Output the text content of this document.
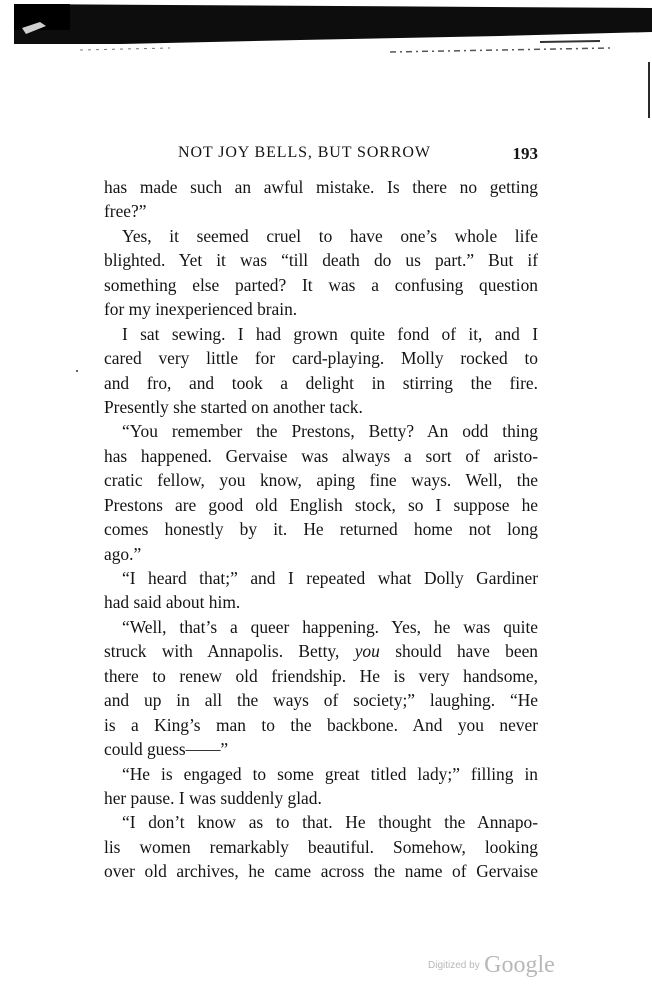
NOT JOY BELLS, BUT SORROW	193
has made such an awful mistake. Is there no getting
free?”
Yes, it seemed cruel to have one’s whole life
blighted. Yet it was “till death do us part.” But if
something else parted? It was a confusing question
for my inexperienced brain.
I sat sewing. I had grown quite fond of it, and I
cared very little for card-playing. Molly rocked to
and fro, and took a delight in stirring the fire.
Presently she started on another tack.
“You remember the Prestons, Betty? An odd thing
has happened. Gervaise was always a sort of aristo-
cratic fellow, you know, aping fine ways. Well, the
Prestons are good old English stock, so I suppose he
comes honestly by it. He returned home not long
ago.”
“I heard that;” and I repeated what Dolly Gardiner
had said about him.
“Well, that’s a queer happening. Yes, he was quite
struck with Annapolis. Betty, you should have been
there to renew old friendship. He is very handsome,
and up in all the ways of society;” laughing. “He
is a King’s man to the backbone. And you never
could guess——”
“He is engaged to some great titled lady;” filling in
her pause. I was suddenly glad.
“I don’t know as to that. He thought the Annapo-
lis women remarkably beautiful. Somehow, looking
over old archives, he came across the name of Gervaise
Digitized by Google
